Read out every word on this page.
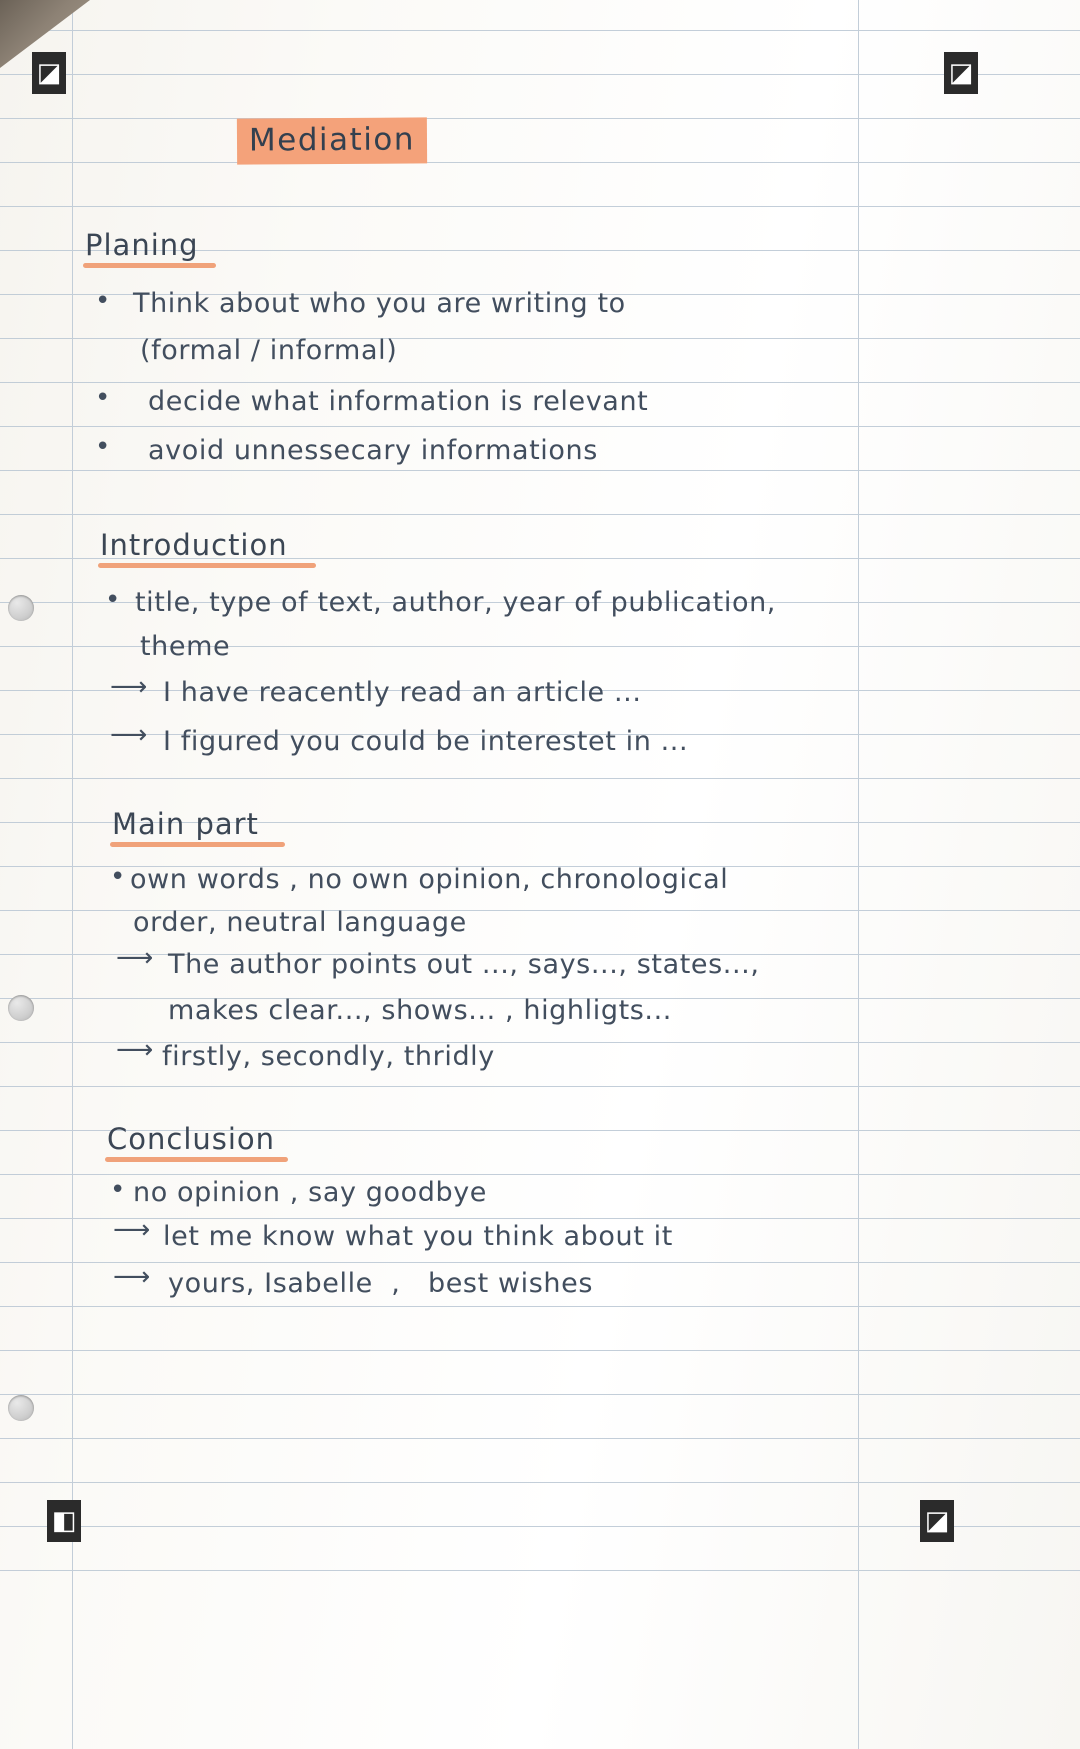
◪	◪
◧	◪
Mediation
Planing
• Think about who you are writing to
(formal / informal)
• decide what information is relevant
• avoid unnessecary informations
Introduction
• title, type of text, author, year of publication,
theme
⟶ I have reacently read an article ...
⟶ I figured you could be interestet in ...
Main part
• own words , no own opinion, chronological
order, neutral language
⟶ The author points out ..., says..., states...,
makes clear..., shows... , highligts...
⟶ firstly, secondly, thridly
Conclusion
• no opinion , say goodbye
⟶ let me know what you think about it
⟶ yours, Isabelle  ,   best wishes
